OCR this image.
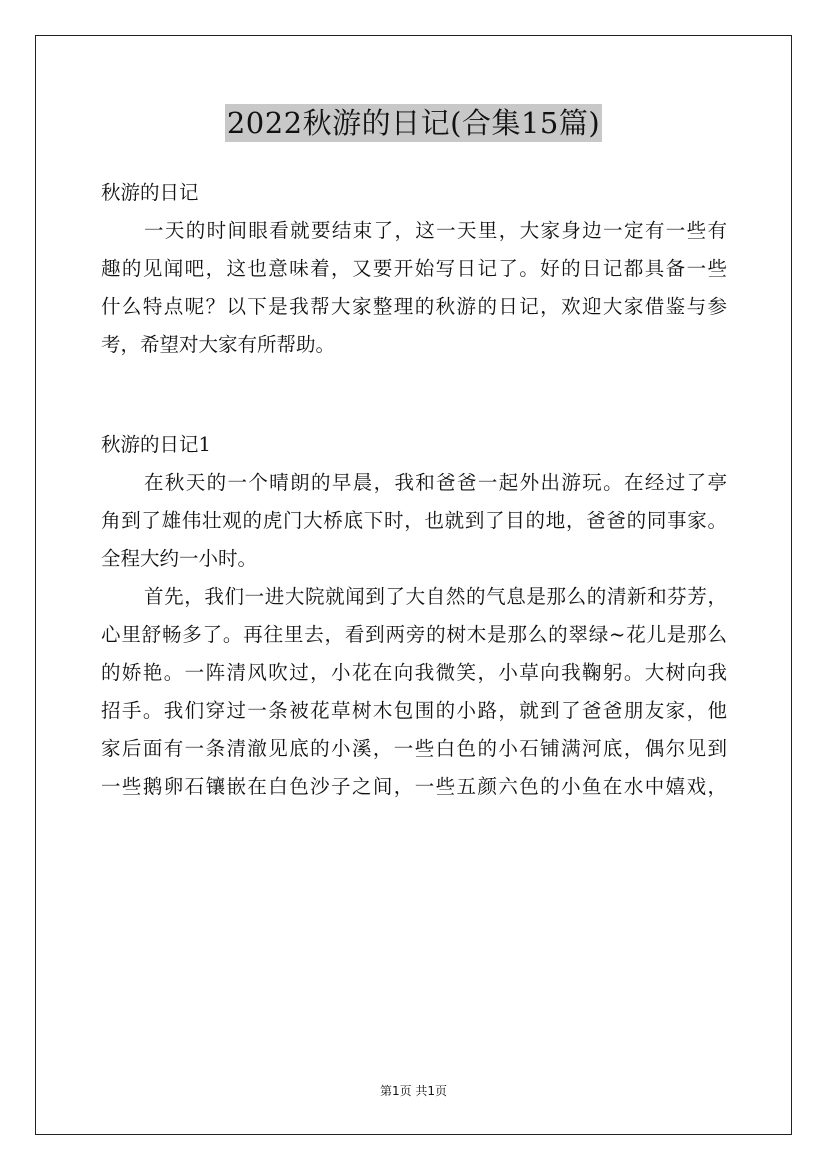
2022秋游的日记(合集15篇)
秋游的日记
一天的时间眼看就要结束了，这一天里，大家身边一定有一些有
趣的见闻吧，这也意味着，又要开始写日记了。好的日记都具备一些
什么特点呢？以下是我帮大家整理的秋游的日记，欢迎大家借鉴与参
考，希望对大家有所帮助。
秋游的日记1
在秋天的一个晴朗的早晨，我和爸爸一起外出游玩。在经过了亭
角到了雄伟壮观的虎门大桥底下时，也就到了目的地，爸爸的同事家。
全程大约一小时。
首先，我们一进大院就闻到了大自然的气息是那么的清新和芬芳，
心里舒畅多了。再往里去，看到两旁的树木是那么的翠绿~花儿是那么
的娇艳。一阵清风吹过，小花在向我微笑，小草向我鞠躬。大树向我
招手。我们穿过一条被花草树木包围的小路，就到了爸爸朋友家，他
家后面有一条清澈见底的小溪，一些白色的小石铺满河底，偶尔见到
一些鹅卵石镶嵌在白色沙子之间，一些五颜六色的小鱼在水中嬉戏，
第1页 共1页
